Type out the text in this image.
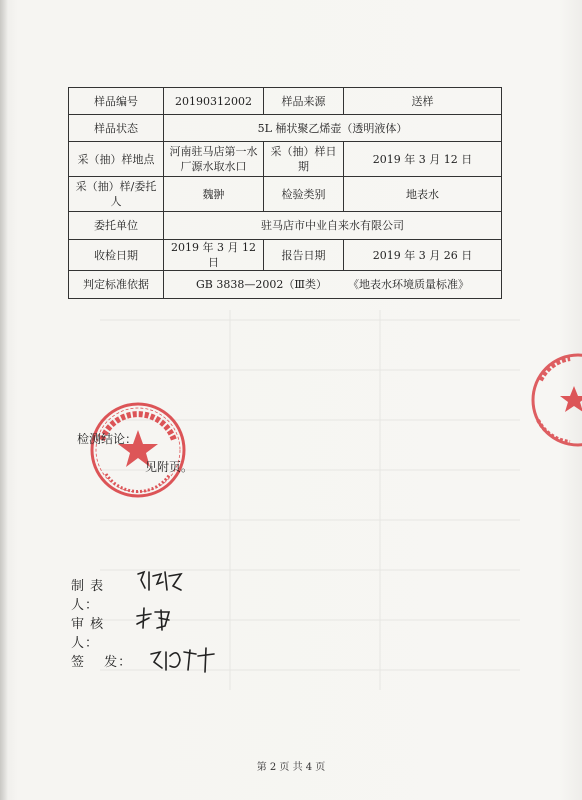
样品编号	20190312002	样品来源	送样
样品状态	5L 桶状聚乙烯壶（透明液体）		
采（抽）样地点	河南驻马店第一水厂源水取水口	采（抽）样日期	2019 年 3 月 12 日
采（抽）样/委托人	魏翀	检验类别	地表水
委托单位	驻马店市中业自来水有限公司		
收检日期	2019 年 3 月 12 日	报告日期	2019 年 3 月 26 日
判定标准依据	GB 3838—2002（Ⅲ类）      《地表水环境质量标准》		
检测结论：
见附页。
制 表 人：
审 核 人：
签　 发：
第 2 页 共 4 页
